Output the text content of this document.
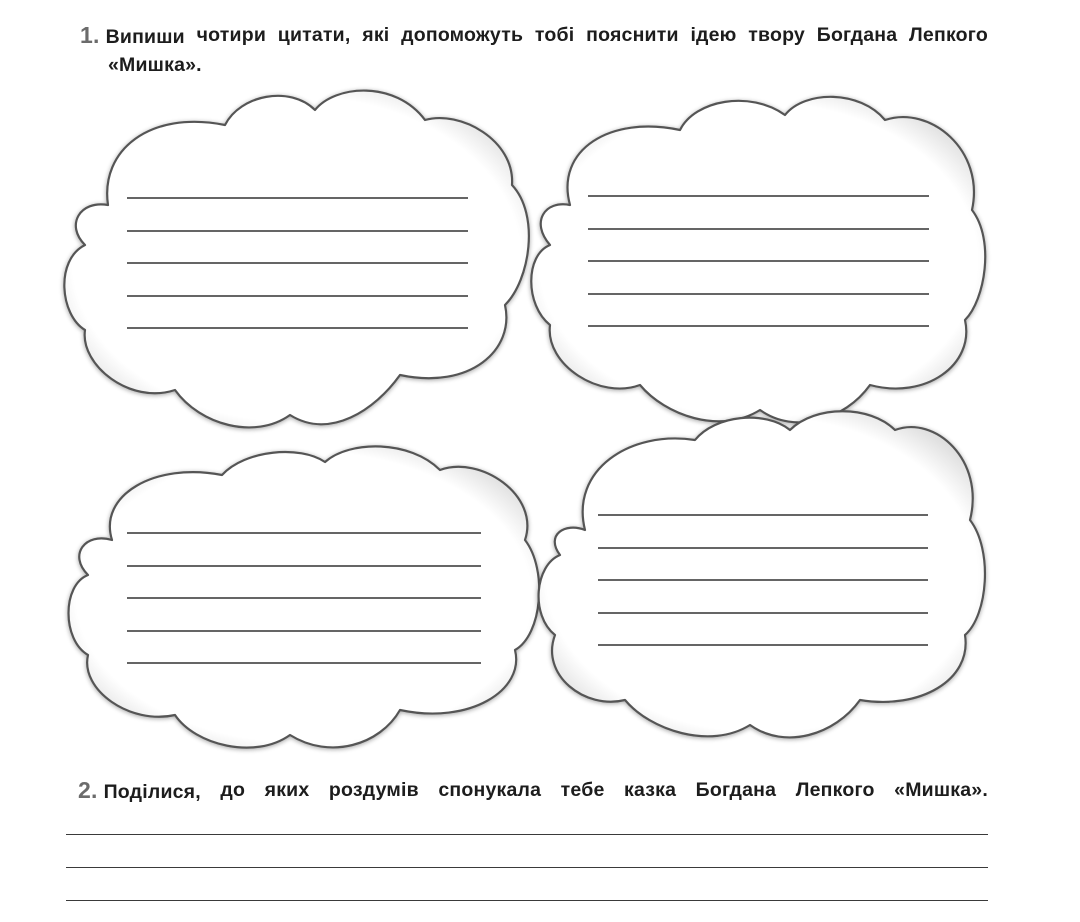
1. Випиши чотири цитати, які допоможуть тобі пояснити ідею твору Богдана Лепкого
«Мишка».
2. Поділися, до яких роздумів спонукала тебе казка Богдана Лепкого «Мишка».
